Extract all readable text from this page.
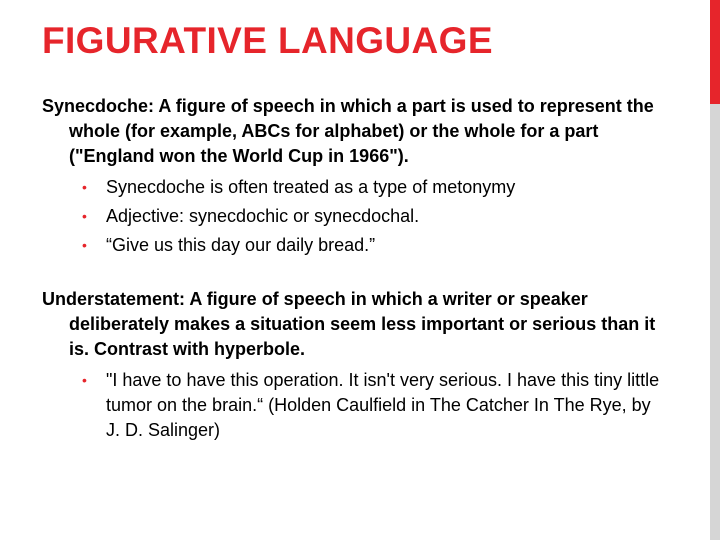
FIGURATIVE LANGUAGE

Synecdoche: A figure of speech in which a part is used to represent the whole (for example, ABCs for alphabet) or the whole for a part ("England won the World Cup in 1966").

• Synecdoche is often treated as a type of metonymy
• Adjective: synecdochic or synecdochal.
• “Give us this day our daily bread.”

Understatement: A figure of speech in which a writer or speaker deliberately makes a situation seem less important or serious than it is. Contrast with hyperbole.

• "I have to have this operation. It isn't very serious. I have this tiny little tumor on the brain.“ (Holden Caulfield in The Catcher In The Rye, by J. D. Salinger)
